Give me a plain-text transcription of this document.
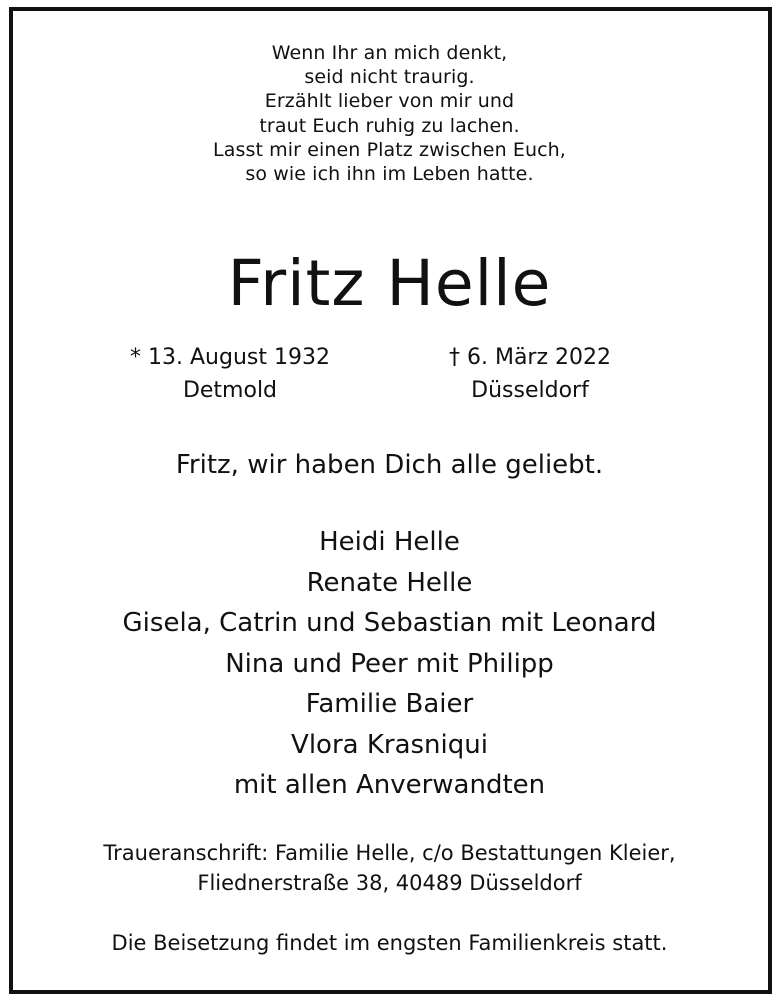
Wenn Ihr an mich denkt,
seid nicht traurig.
Erzählt lieber von mir und
traut Euch ruhig zu lachen.
Lasst mir einen Platz zwischen Euch,
so wie ich ihn im Leben hatte.
Fritz Helle
* 13. August 1932
Detmold
† 6. März 2022
Düsseldorf
Fritz, wir haben Dich alle geliebt.
Heidi Helle
Renate Helle
Gisela, Catrin und Sebastian mit Leonard
Nina und Peer mit Philipp
Familie Baier
Vlora Krasniqui
mit allen Anverwandten
Traueranschrift: Familie Helle, c/o Bestattungen Kleier,
Fliednerstraße 38, 40489 Düsseldorf
Die Beisetzung findet im engsten Familienkreis statt.
